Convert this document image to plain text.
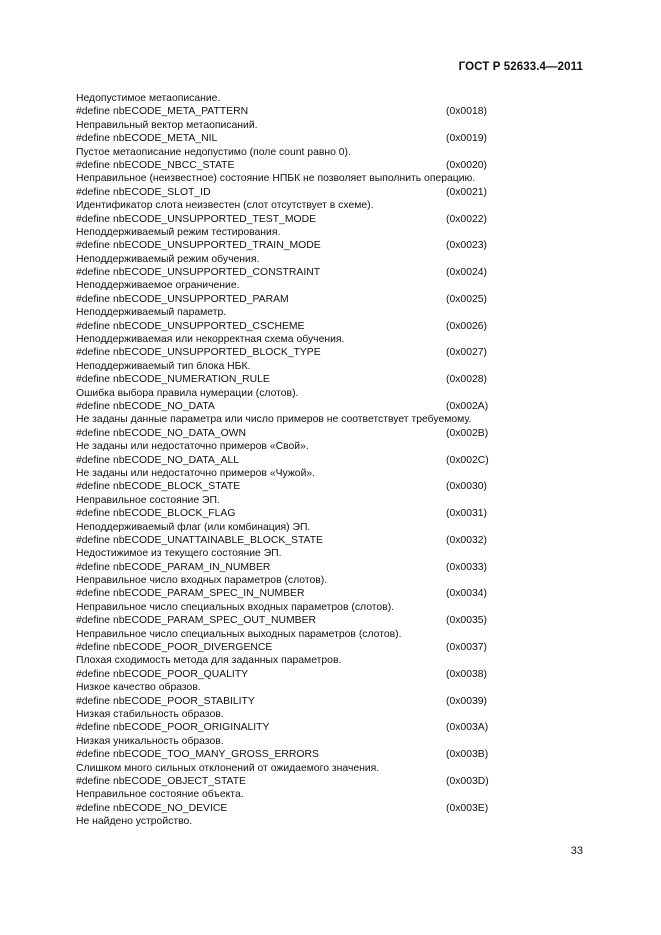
ГОСТ Р 52633.4—2011
Недопустимое метаописание.
#define nbECODE_META_PATTERN	(0x0018)
Неправильный вектор метаописаний.
#define nbECODE_META_NIL	(0x0019)
Пустое метаописание недопустимо (поле count равно 0).
#define nbECODE_NBCC_STATE	(0x0020)
Неправильное (неизвестное) состояние НПБК не позволяет выполнить операцию.
#define nbECODE_SLOT_ID	(0x0021)
Идентификатор слота неизвестен (слот отсутствует в схеме).
#define nbECODE_UNSUPPORTED_TEST_MODE	(0x0022)
Неподдерживаемый режим тестирования.
#define nbECODE_UNSUPPORTED_TRAIN_MODE	(0x0023)
Неподдерживаемый режим обучения.
#define nbECODE_UNSUPPORTED_CONSTRAINT	(0x0024)
Неподдерживаемое ограничение.
#define nbECODE_UNSUPPORTED_PARAM	(0x0025)
Неподдерживаемый параметр.
#define nbECODE_UNSUPPORTED_CSCHEME	(0x0026)
Неподдерживаемая или некорректная схема обучения.
#define nbECODE_UNSUPPORTED_BLOCK_TYPE	(0x0027)
Неподдерживаемый тип блока НБК.
#define nbECODE_NUMERATION_RULE	(0x0028)
Ошибка выбора правила нумерации (слотов).
#define nbECODE_NO_DATA	(0x002A)
Не заданы данные параметра или число примеров не соответствует требуемому.
#define nbECODE_NO_DATA_OWN	(0x002B)
Не заданы или недостаточно примеров «Свой».
#define nbECODE_NO_DATA_ALL	(0x002C)
Не заданы или недостаточно примеров «Чужой».
#define nbECODE_BLOCK_STATE	(0x0030)
Неправильное состояние ЭП.
#define nbECODE_BLOCK_FLAG	(0x0031)
Неподдерживаемый флаг (или комбинация) ЭП.
#define nbECODE_UNATTAINABLE_BLOCK_STATE	(0x0032)
Недостижимое из текущего состояние ЭП.
#define nbECODE_PARAM_IN_NUMBER	(0x0033)
Неправильное число входных параметров (слотов).
#define nbECODE_PARAM_SPEC_IN_NUMBER	(0x0034)
Неправильное число специальных входных параметров (слотов).
#define nbECODE_PARAM_SPEC_OUT_NUMBER	(0x0035)
Неправильное число специальных выходных параметров (слотов).
#define nbECODE_POOR_DIVERGENCE	(0x0037)
Плохая сходимость метода для заданных параметров.
#define nbECODE_POOR_QUALITY	(0x0038)
Низкое качество образов.
#define nbECODE_POOR_STABILITY	(0x0039)
Низкая стабильность образов.
#define nbECODE_POOR_ORIGINALITY	(0x003A)
Низкая уникальность образов.
#define nbECODE_TOO_MANY_GROSS_ERRORS	(0x003B)
Слишком много сильных отклонений от ожидаемого значения.
#define nbECODE_OBJECT_STATE	(0x003D)
Неправильное состояние объекта.
#define nbECODE_NO_DEVICE	(0x003E)
Не найдено устройство.
33
